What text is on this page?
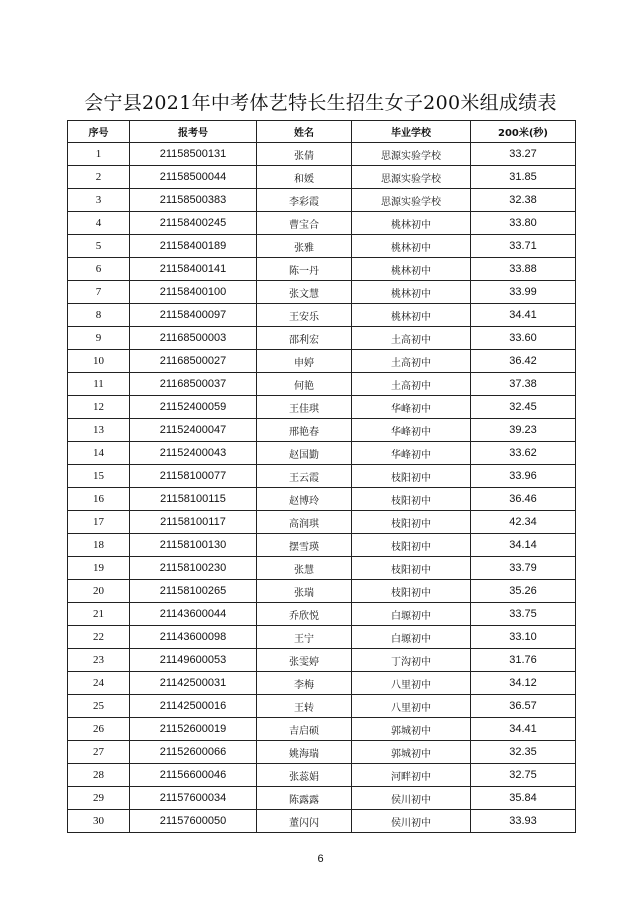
会宁县2021年中考体艺特长生招生女子200米组成绩表
序号	报考号	姓名	毕业学校	200米(秒)
1	21158500131	张倩	思源实验学校	33.27
2	21158500044	和媛	思源实验学校	31.85
3	21158500383	李彩霞	思源实验学校	32.38
4	21158400245	曹宝合	桃林初中	33.80
5	21158400189	张雅	桃林初中	33.71
6	21158400141	陈一丹	桃林初中	33.88
7	21158400100	张文慧	桃林初中	33.99
8	21158400097	王安乐	桃林初中	34.41
9	21168500003	邵利宏	土高初中	33.60
10	21168500027	申婷	土高初中	36.42
11	21168500037	何艳	土高初中	37.38
12	21152400059	王佳琪	华峰初中	32.45
13	21152400047	邢艳春	华峰初中	39.23
14	21152400043	赵国勤	华峰初中	33.62
15	21158100077	王云霞	枝阳初中	33.96
16	21158100115	赵博玲	枝阳初中	36.46
17	21158100117	高润琪	枝阳初中	42.34
18	21158100130	摆雪瑛	枝阳初中	34.14
19	21158100230	张慧	枝阳初中	33.79
20	21158100265	张瑞	枝阳初中	35.26
21	21143600044	乔欣悦	白塬初中	33.75
22	21143600098	王宁	白塬初中	33.10
23	21149600053	张雯婷	丁沟初中	31.76
24	21142500031	李梅	八里初中	34.12
25	21142500016	王转	八里初中	36.57
26	21152600019	吉启硕	郭城初中	34.41
27	21152600066	姚海瑞	郭城初中	32.35
28	21156600046	张蕊娟	河畔初中	32.75
29	21157600034	陈露露	侯川初中	35.84
30	21157600050	董闪闪	侯川初中	33.93
6
